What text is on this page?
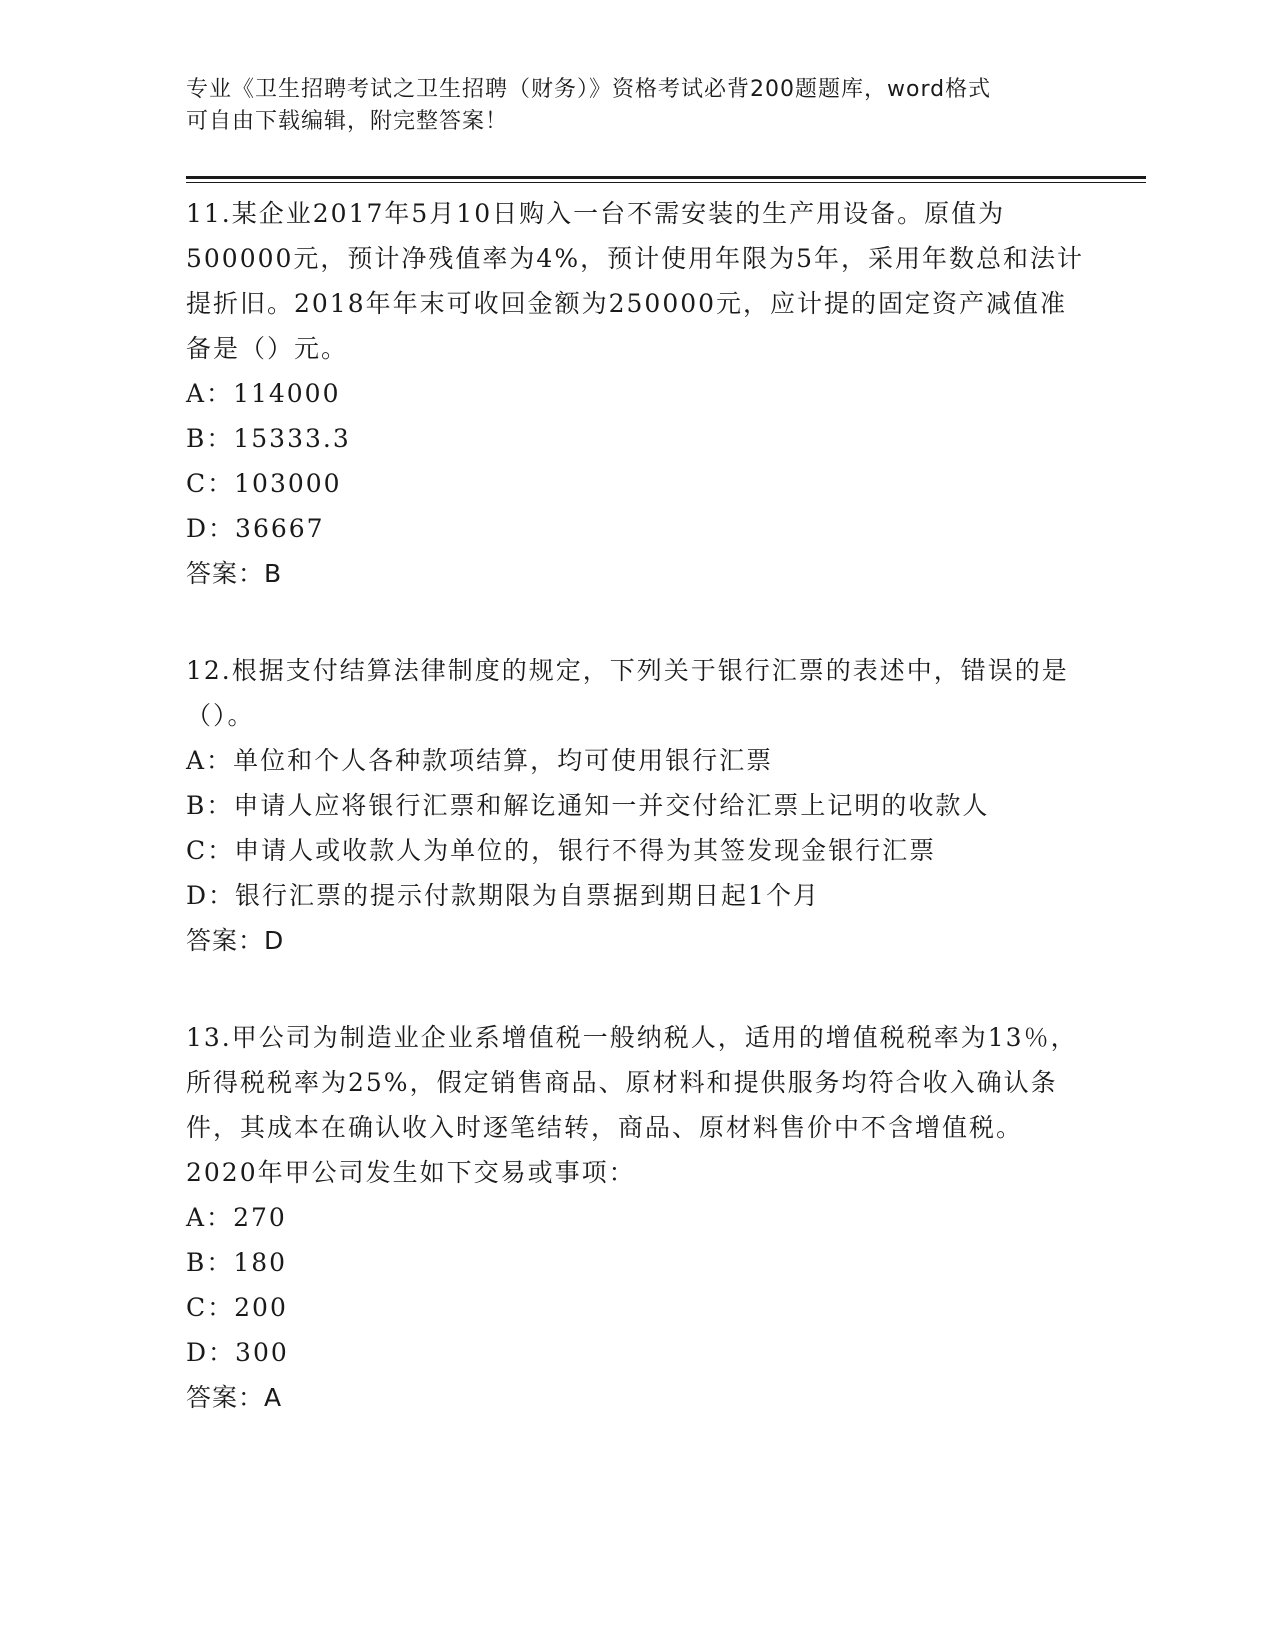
专业《卫生招聘考试之卫生招聘（财务）》资格考试必背200题题库，word格式
可自由下载编辑，附完整答案！

11.某企业2017年5月10日购入一台不需安装的生产用设备。原值为500000元，预计净残值率为4%，预计使用年限为5年，采用年数总和法计提折旧。2018年年末可收回金额为250000元，应计提的固定资产减值准备是（）元。

A：114000

B：15333.3

C：103000

D：36667

答案：B

12.根据支付结算法律制度的规定，下列关于银行汇票的表述中，错误的是（）。

A：单位和个人各种款项结算，均可使用银行汇票

B：申请人应将银行汇票和解讫通知一并交付给汇票上记明的收款人

C：申请人或收款人为单位的，银行不得为其签发现金银行汇票

D：银行汇票的提示付款期限为自票据到期日起1个月

答案：D

13.甲公司为制造业企业系增值税一般纳税人，适用的增值税税率为13％，所得税税率为25%，假定销售商品、原材料和提供服务均符合收入确认条件，其成本在确认收入时逐笔结转，商品、原材料售价中不含增值税。2020年甲公司发生如下交易或事项：

A：270

B：180

C：200

D：300

答案：A
